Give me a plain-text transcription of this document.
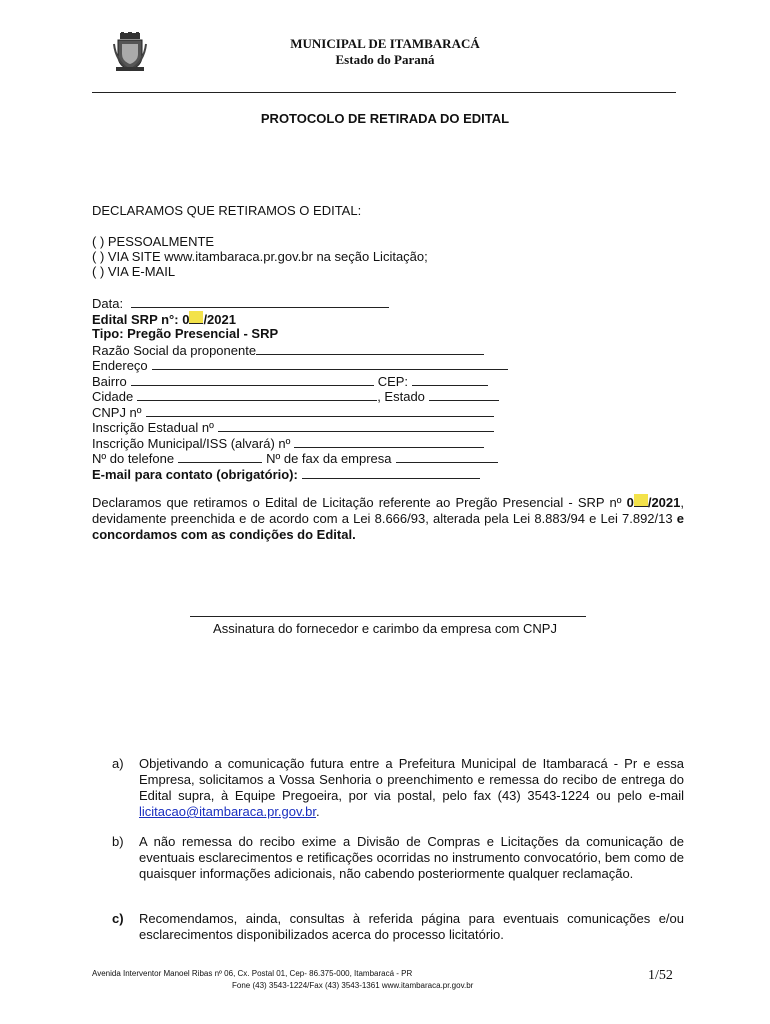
MUNICIPAL DE ITAMBARACÁ
Estado do Paraná
PROTOCOLO DE RETIRADA DO EDITAL
DECLARAMOS QUE RETIRAMOS O EDITAL:
( ) PESSOALMENTE
( ) VIA SITE www.itambaraca.pr.gov.br na seção Licitação;
( ) VIA E-MAIL
Data:
Edital SRP n°: 0 /2021
Tipo: Pregão Presencial - SRP
Razão Social da proponente
Endereço
Bairro	CEP:
Cidade	, Estado
CNPJ nº
Inscrição Estadual nº
Inscrição Municipal/ISS (alvará) nº
Nº do telefone	Nº de fax da empresa
E-mail para contato (obrigatório):
Declaramos que retiramos o Edital de Licitação referente ao Pregão Presencial - SRP nº 0 /2021, devidamente preenchida e de acordo com a Lei 8.666/93, alterada pela Lei 8.883/94 e Lei 7.892/13 e concordamos com as condições do Edital.
Assinatura do fornecedor e carimbo da empresa com CNPJ
a) Objetivando a comunicação futura entre a Prefeitura Municipal de Itambaracá - Pr e essa Empresa, solicitamos a Vossa Senhoria o preenchimento e remessa do recibo de entrega do Edital supra, à Equipe Pregoeira, por via postal, pelo fax (43) 3543-1224 ou pelo e-mail licitacao@itambaraca.pr.gov.br.
b) A não remessa do recibo exime a Divisão de Compras e Licitações da comunicação de eventuais esclarecimentos e retificações ocorridas no instrumento convocatório, bem como de quaisquer informações adicionais, não cabendo posteriormente qualquer reclamação.
c) Recomendamos, ainda, consultas à referida página para eventuais comunicações e/ou esclarecimentos disponibilizados acerca do processo licitatório.
Avenida Interventor Manoel Ribas nº 06, Cx. Postal 01, Cep- 86.375-000, Itambaracá - PR
Fone (43) 3543-1224/Fax (43) 3543-1361 www.itambaraca.pr.gov.br
1/52
